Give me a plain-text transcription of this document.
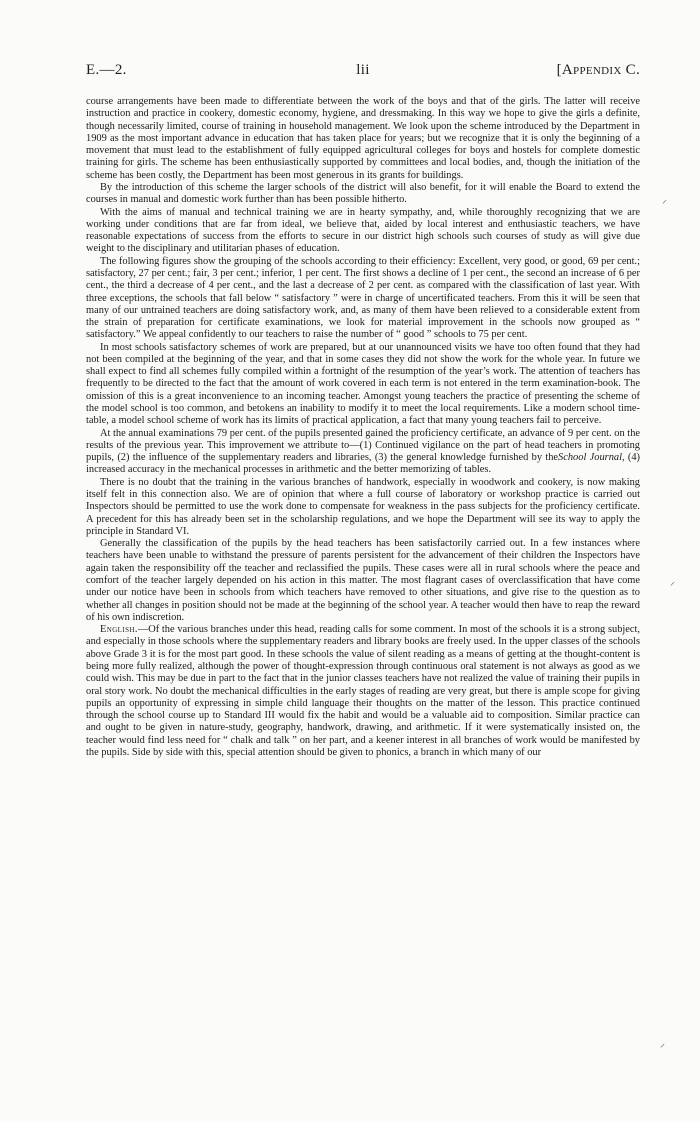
E.—2.	lii	[Appendix C.

course arrangements have been made to differentiate between the work of the boys and that of the girls. The latter will receive instruction and practice in cookery, domestic economy, hygiene, and dressmaking. In this way we hope to give the girls a definite, though necessarily limited, course of training in household management. We look upon the scheme introduced by the Department in 1909 as the most important advance in education that has taken place for years; but we recognize that it is only the beginning of a movement that must lead to the establishment of fully equipped agricultural colleges for boys and hostels for complete domestic training for girls. The scheme has been enthusiastically supported by committees and local bodies, and, though the initiation of the scheme has been costly, the Department has been most generous in its grants for buildings.

By the introduction of this scheme the larger schools of the district will also benefit, for it will enable the Board to extend the courses in manual and domestic work further than has been possible hitherto.

With the aims of manual and technical training we are in hearty sympathy, and, while thoroughly recognizing that we are working under conditions that are far from ideal, we believe that, aided by local interest and enthusiastic teachers, we have reasonable expectations of success from the efforts to secure in our district high schools such courses of study as will give due weight to the disciplinary and utilitarian phases of education.

The following figures show the grouping of the schools according to their efficiency: Excellent, very good, or good, 69 per cent.; satisfactory, 27 per cent.; fair, 3 per cent.; inferior, 1 per cent. The first shows a decline of 1 per cent., the second an increase of 6 per cent., the third a decrease of 4 per cent., and the last a decrease of 2 per cent. as compared with the classification of last year. With three exceptions, the schools that fall below “ satisfactory ” were in charge of uncertificated teachers. From this it will be seen that many of our untrained teachers are doing satisfactory work, and, as many of them have been relieved to a considerable extent from the strain of preparation for certificate examinations, we look for material improvement in the schools now grouped as “ satisfactory.” We appeal confidently to our teachers to raise the number of “ good ” schools to 75 per cent.

In most schools satisfactory schemes of work are prepared, but at our unannounced visits we have too often found that they had not been compiled at the beginning of the year, and that in some cases they did not show the work for the whole year. In future we shall expect to find all schemes fully compiled within a fortnight of the resumption of the year’s work. The attention of teachers has frequently to be directed to the fact that the amount of work covered in each term is not entered in the term examination-book. The omission of this is a great inconvenience to an incoming teacher. Amongst young teachers the practice of presenting the scheme of the model school is too common, and betokens an inability to modify it to meet the local requirements. Like a modern school time-table, a model school scheme of work has its limits of practical application, a fact that many young teachers fail to perceive.

At the annual examinations 79 per cent. of the pupils presented gained the proficiency certificate, an advance of 9 per cent. on the results of the previous year. This improvement we attribute to—(1) Continued vigilance on the part of head teachers in promoting pupils, (2) the influence of the supplementary readers and libraries, (3) the general knowledge furnished by theSchool Journal, (4) increased accuracy in the mechanical processes in arithmetic and the better memorizing of tables.

There is no doubt that the training in the various branches of handwork, especially in woodwork and cookery, is now making itself felt in this connection also. We are of opinion that where a full course of laboratory or workshop practice is carried out Inspectors should be permitted to use the work done to compensate for weakness in the pass subjects for the proficiency certificate. A precedent for this has already been set in the scholarship regulations, and we hope the Department will see its way to apply the principle in Standard VI.

Generally the classification of the pupils by the head teachers has been satisfactorily carried out. In a few instances where teachers have been unable to withstand the pressure of parents persistent for the advancement of their children the Inspectors have again taken the responsibility off the teacher and reclassified the pupils. These cases were all in rural schools where the peace and comfort of the teacher largely depended on his action in this matter. The most flagrant cases of overclassification that have come under our notice have been in schools from which teachers have removed to other situations, and give rise to the question as to whether all changes in position should not be made at the beginning of the school year. A teacher would then have to reap the reward of his own indiscretion.

English.—Of the various branches under this head, reading calls for some comment. In most of the schools it is a strong subject, and especially in those schools where the supplementary readers and library books are freely used. In the upper classes of the schools above Grade 3 it is for the most part good. In these schools the value of silent reading as a means of getting at the thought-content is being more fully realized, although the power of thought-expression through continuous oral statement is not always as good as we could wish. This may be due in part to the fact that in the junior classes teachers have not realized the value of training their pupils in oral story work. No doubt the mechanical difficulties in the early stages of reading are very great, but there is ample scope for giving pupils an opportunity of expressing in simple child language their thoughts on the matter of the lesson. This practice continued through the school course up to Standard III would fix the habit and would be a valuable aid to composition. Similar practice can and ought to be given in nature-study, geography, handwork, drawing, and arithmetic. If it were systematically insisted on, the teacher would find less need for “ chalk and talk ” on her part, and a keener interest in all branches of work would be manifested by the pupils. Side by side with this, special attention should be given to phonics, a branch in which many of our

⸍
⸍
⸍
